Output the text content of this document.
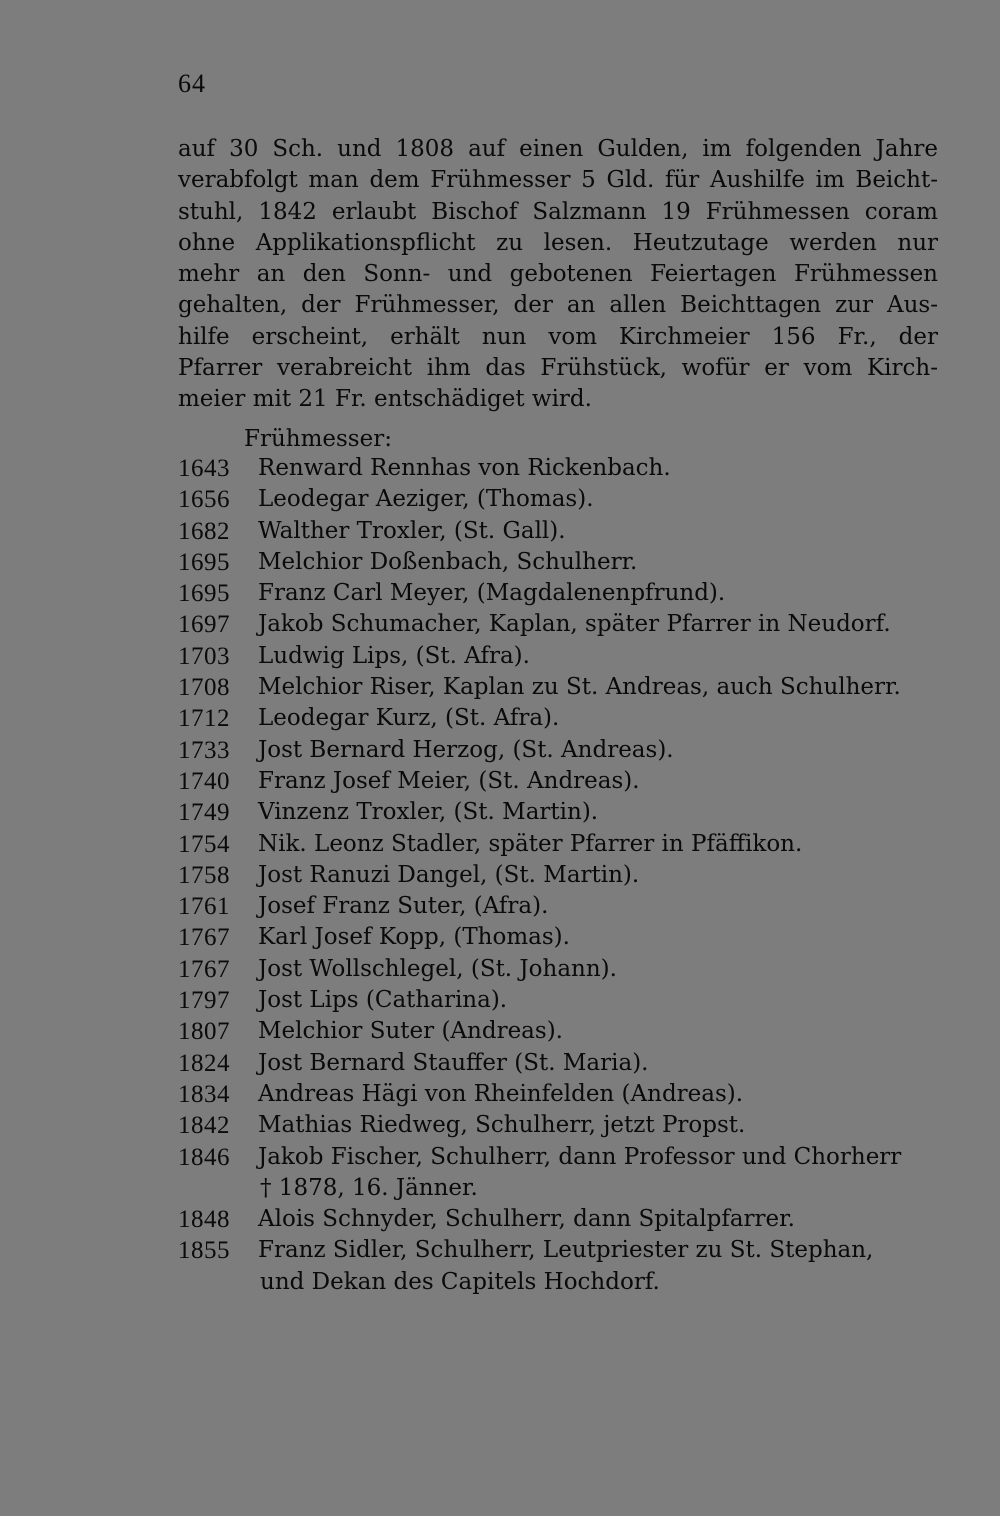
64

auf 30 Sch. und 1808 auf einen Gulden, im folgenden Jahre
verabfolgt man dem Frühmesser 5 Gld. für Aushilfe im Beicht-
stuhl, 1842 erlaubt Bischof Salzmann 19 Frühmessen coram
ohne Applikationspflicht zu lesen. Heutzutage werden nur
mehr an den Sonn- und gebotenen Feiertagen Frühmessen
gehalten, der Frühmesser, der an allen Beichttagen zur Aus-
hilfe erscheint, erhält nun vom Kirchmeier 156 Fr., der
Pfarrer verabreicht ihm das Frühstück, wofür er vom Kirch-
meier mit 21 Fr. entschädiget wird.

Frühmesser:
1643	Renward Rennhas von Rickenbach.
1656	Leodegar Aeziger, (Thomas).
1682	Walther Troxler, (St. Gall).
1695	Melchior Doßenbach, Schulherr.
1695	Franz Carl Meyer, (Magdalenenpfrund).
1697	Jakob Schumacher, Kaplan, später Pfarrer in Neudorf.
1703	Ludwig Lips, (St. Afra).
1708	Melchior Riser, Kaplan zu St. Andreas, auch Schulherr.
1712	Leodegar Kurz, (St. Afra).
1733	Jost Bernard Herzog, (St. Andreas).
1740	Franz Josef Meier, (St. Andreas).
1749	Vinzenz Troxler, (St. Martin).
1754	Nik. Leonz Stadler, später Pfarrer in Pfäffikon.
1758	Jost Ranuzi Dangel, (St. Martin).
1761	Josef Franz Suter, (Afra).
1767	Karl Josef Kopp, (Thomas).
1767	Jost Wollschlegel, (St. Johann).
1797	Jost Lips (Catharina).
1807	Melchior Suter (Andreas).
1824	Jost Bernard Stauffer (St. Maria).
1834	Andreas Hägi von Rheinfelden (Andreas).
1842	Mathias Riedweg, Schulherr, jetzt Propst.
1846	Jakob Fischer, Schulherr, dann Professor und Chorherr
† 1878, 16. Jänner.
1848	Alois Schnyder, Schulherr, dann Spitalpfarrer.
1855	Franz Sidler, Schulherr, Leutpriester zu St. Stephan,
und Dekan des Capitels Hochdorf.
